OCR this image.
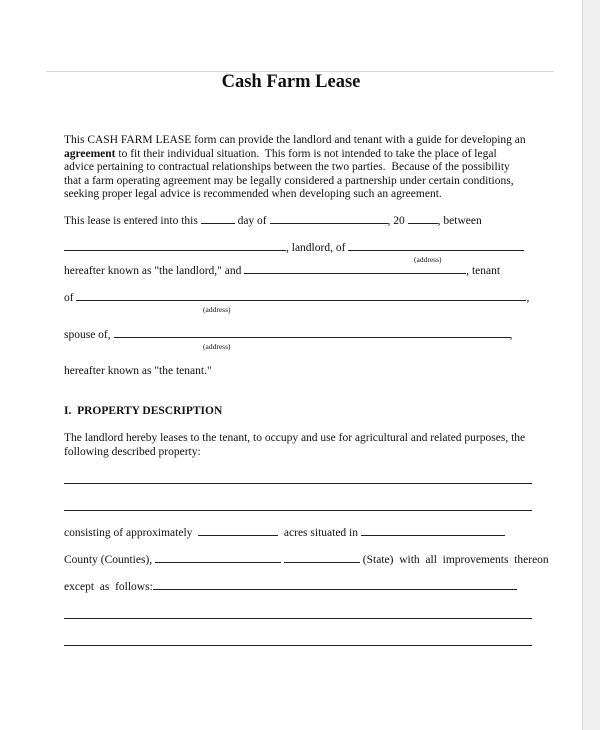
Cash Farm Lease
This CASH FARM LEASE form can provide the landlord and tenant with a guide for developing an
agreement to fit their individual situation.  This form is not intended to take the place of legal
advice pertaining to contractual relationships between the two parties.  Because of the possibility
that a farm operating agreement may be legally considered a partnership under certain conditions,
seeking proper legal advice is recommended when developing such an agreement.
This lease is entered into this	day of	, 20	, between
, landlord, of
(address)
hereafter known as "the landlord," and	, tenant
of	,
(address)
spouse of,	,
(address)
hereafter known as "the tenant."
I.  PROPERTY DESCRIPTION
The landlord hereby leases to the tenant, to occupy and use for agricultural and related purposes, the
following described property:
consisting of approximately	acres situated in
County (Counties),	(State)  with  all  improvements  thereon
except  as  follows:
